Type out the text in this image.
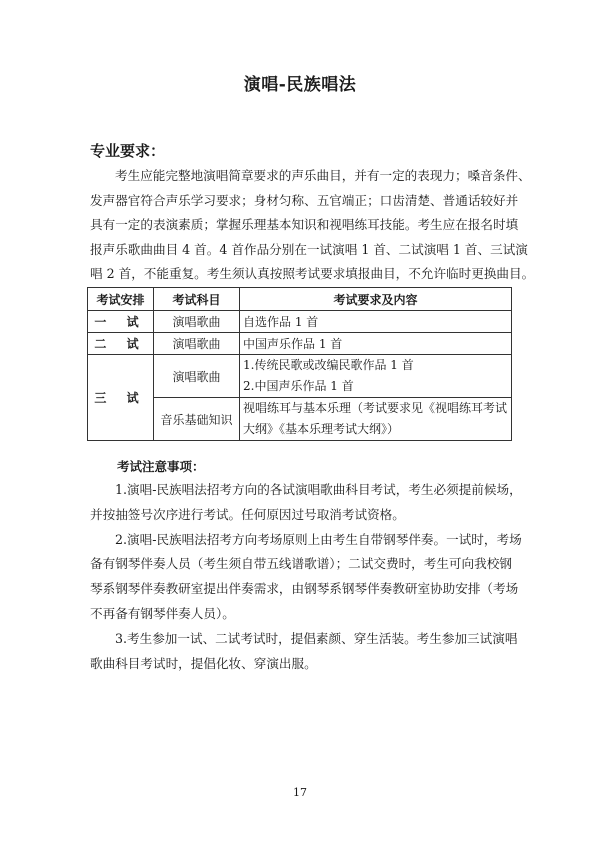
演唱-民族唱法
专业要求：
考生应能完整地演唱简章要求的声乐曲目，并有一定的表现力；嗓音条件、
发声器官符合声乐学习要求；身材匀称、五官端正；口齿清楚、普通话较好并
具有一定的表演素质；掌握乐理基本知识和视唱练耳技能。考生应在报名时填
报声乐歌曲曲目 4 首。4 首作品分别在一试演唱 1 首、二试演唱 1 首、三试演
唱 2 首，不能重复。考生须认真按照考试要求填报曲目，不允许临时更换曲目。
考试安排	考试科目	考试要求及内容
一 试	演唱歌曲	自选作品 1 首
二 试	演唱歌曲	中国声乐作品 1 首
三 试	演唱歌曲	1.传统民歌或改编民歌作品 1 首
2.中国声乐作品 1 首

	音乐基础知识	视唱练耳与基本乐理（考试要求见《视唱练耳考试
大纲》《基本乐理考试大纲》）
考试注意事项：
1.演唱-民族唱法招考方向的各试演唱歌曲科目考试，考生必须提前候场，
并按抽签号次序进行考试。任何原因过号取消考试资格。
2.演唱-民族唱法招考方向考场原则上由考生自带钢琴伴奏。一试时，考场
备有钢琴伴奏人员（考生须自带五线谱歌谱）；二试交费时，考生可向我校钢
琴系钢琴伴奏教研室提出伴奏需求，由钢琴系钢琴伴奏教研室协助安排（考场
不再备有钢琴伴奏人员）。
3.考生参加一试、二试考试时，提倡素颜、穿生活装。考生参加三试演唱
歌曲科目考试时，提倡化妆、穿演出服。
17
